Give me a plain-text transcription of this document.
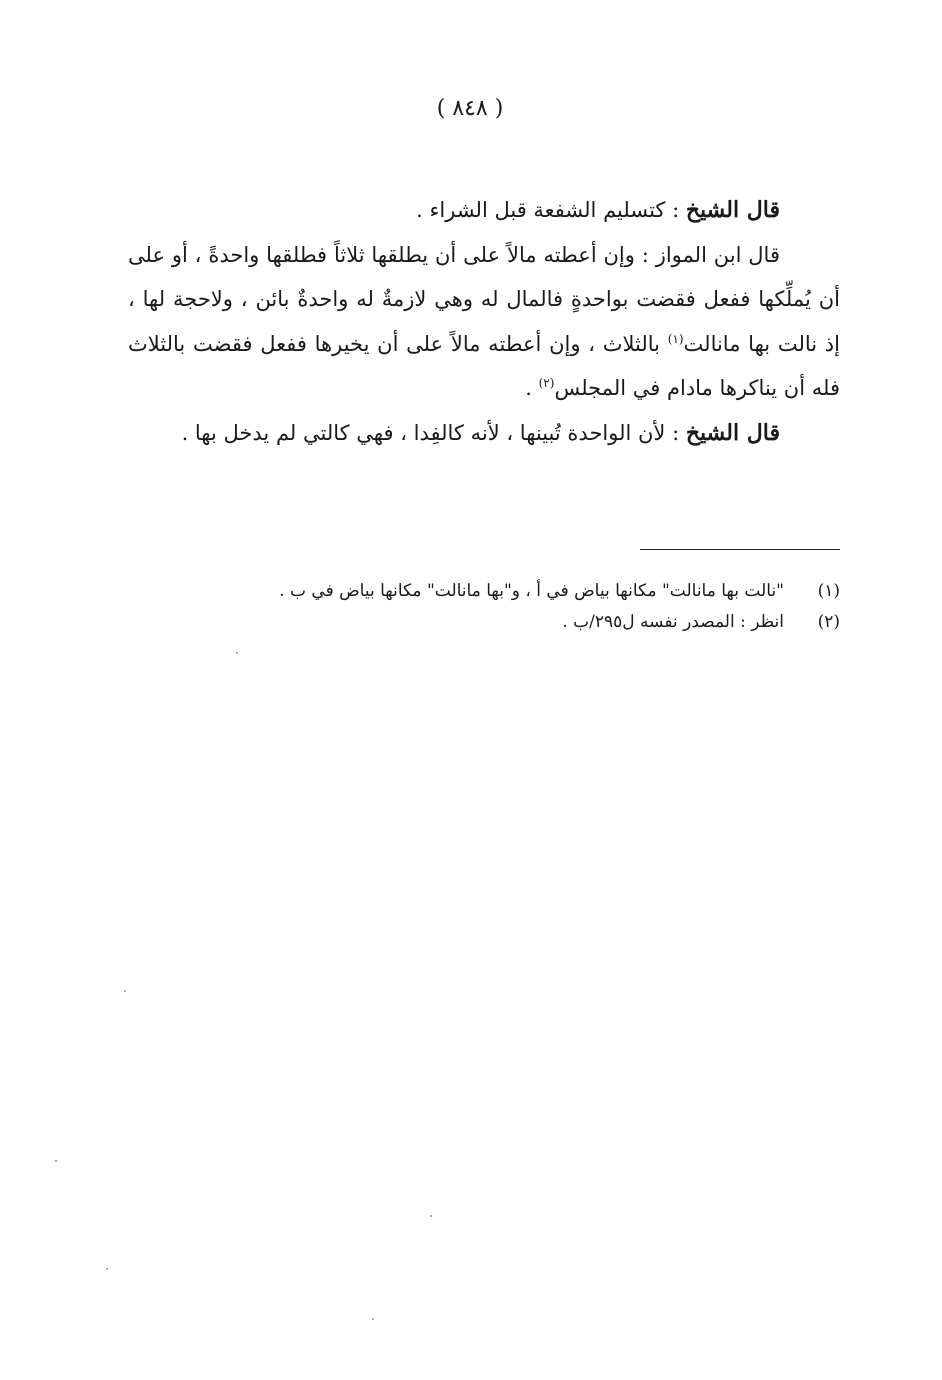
( ٨٤٨ )

قال الشيخ : كتسليم الشفعة قبل الشراء .

قال ابن المواز : وإن أعطته مالاً على أن يطلقها ثلاثاً فطلقها واحدةً ، أو على أن يُملِّكها ففعل فقضت بواحدةٍ فالمال له وهي لازمةٌ له واحدةٌ بائن ، ولاحجة لها ، إذ نالت بها مانالت$^{(١)}$ بالثلاث ، وإن أعطته مالاً على أن يخيرها ففعل فقضت بالثلاث فله أن يناكرها مادام في المجلس$^{(٢)}$ .

قال الشيخ : لأن الواحدة تُبينها ، لأنه كالفِدا ، فهي كالتي لم يدخل بها .

(١)
"نالت بها مانالت" مكانها بياض في أ ، و"بها مانالت" مكانها بياض في ب .
(٢)
انظر : المصدر نفسه ل٢٩٥/ب .
